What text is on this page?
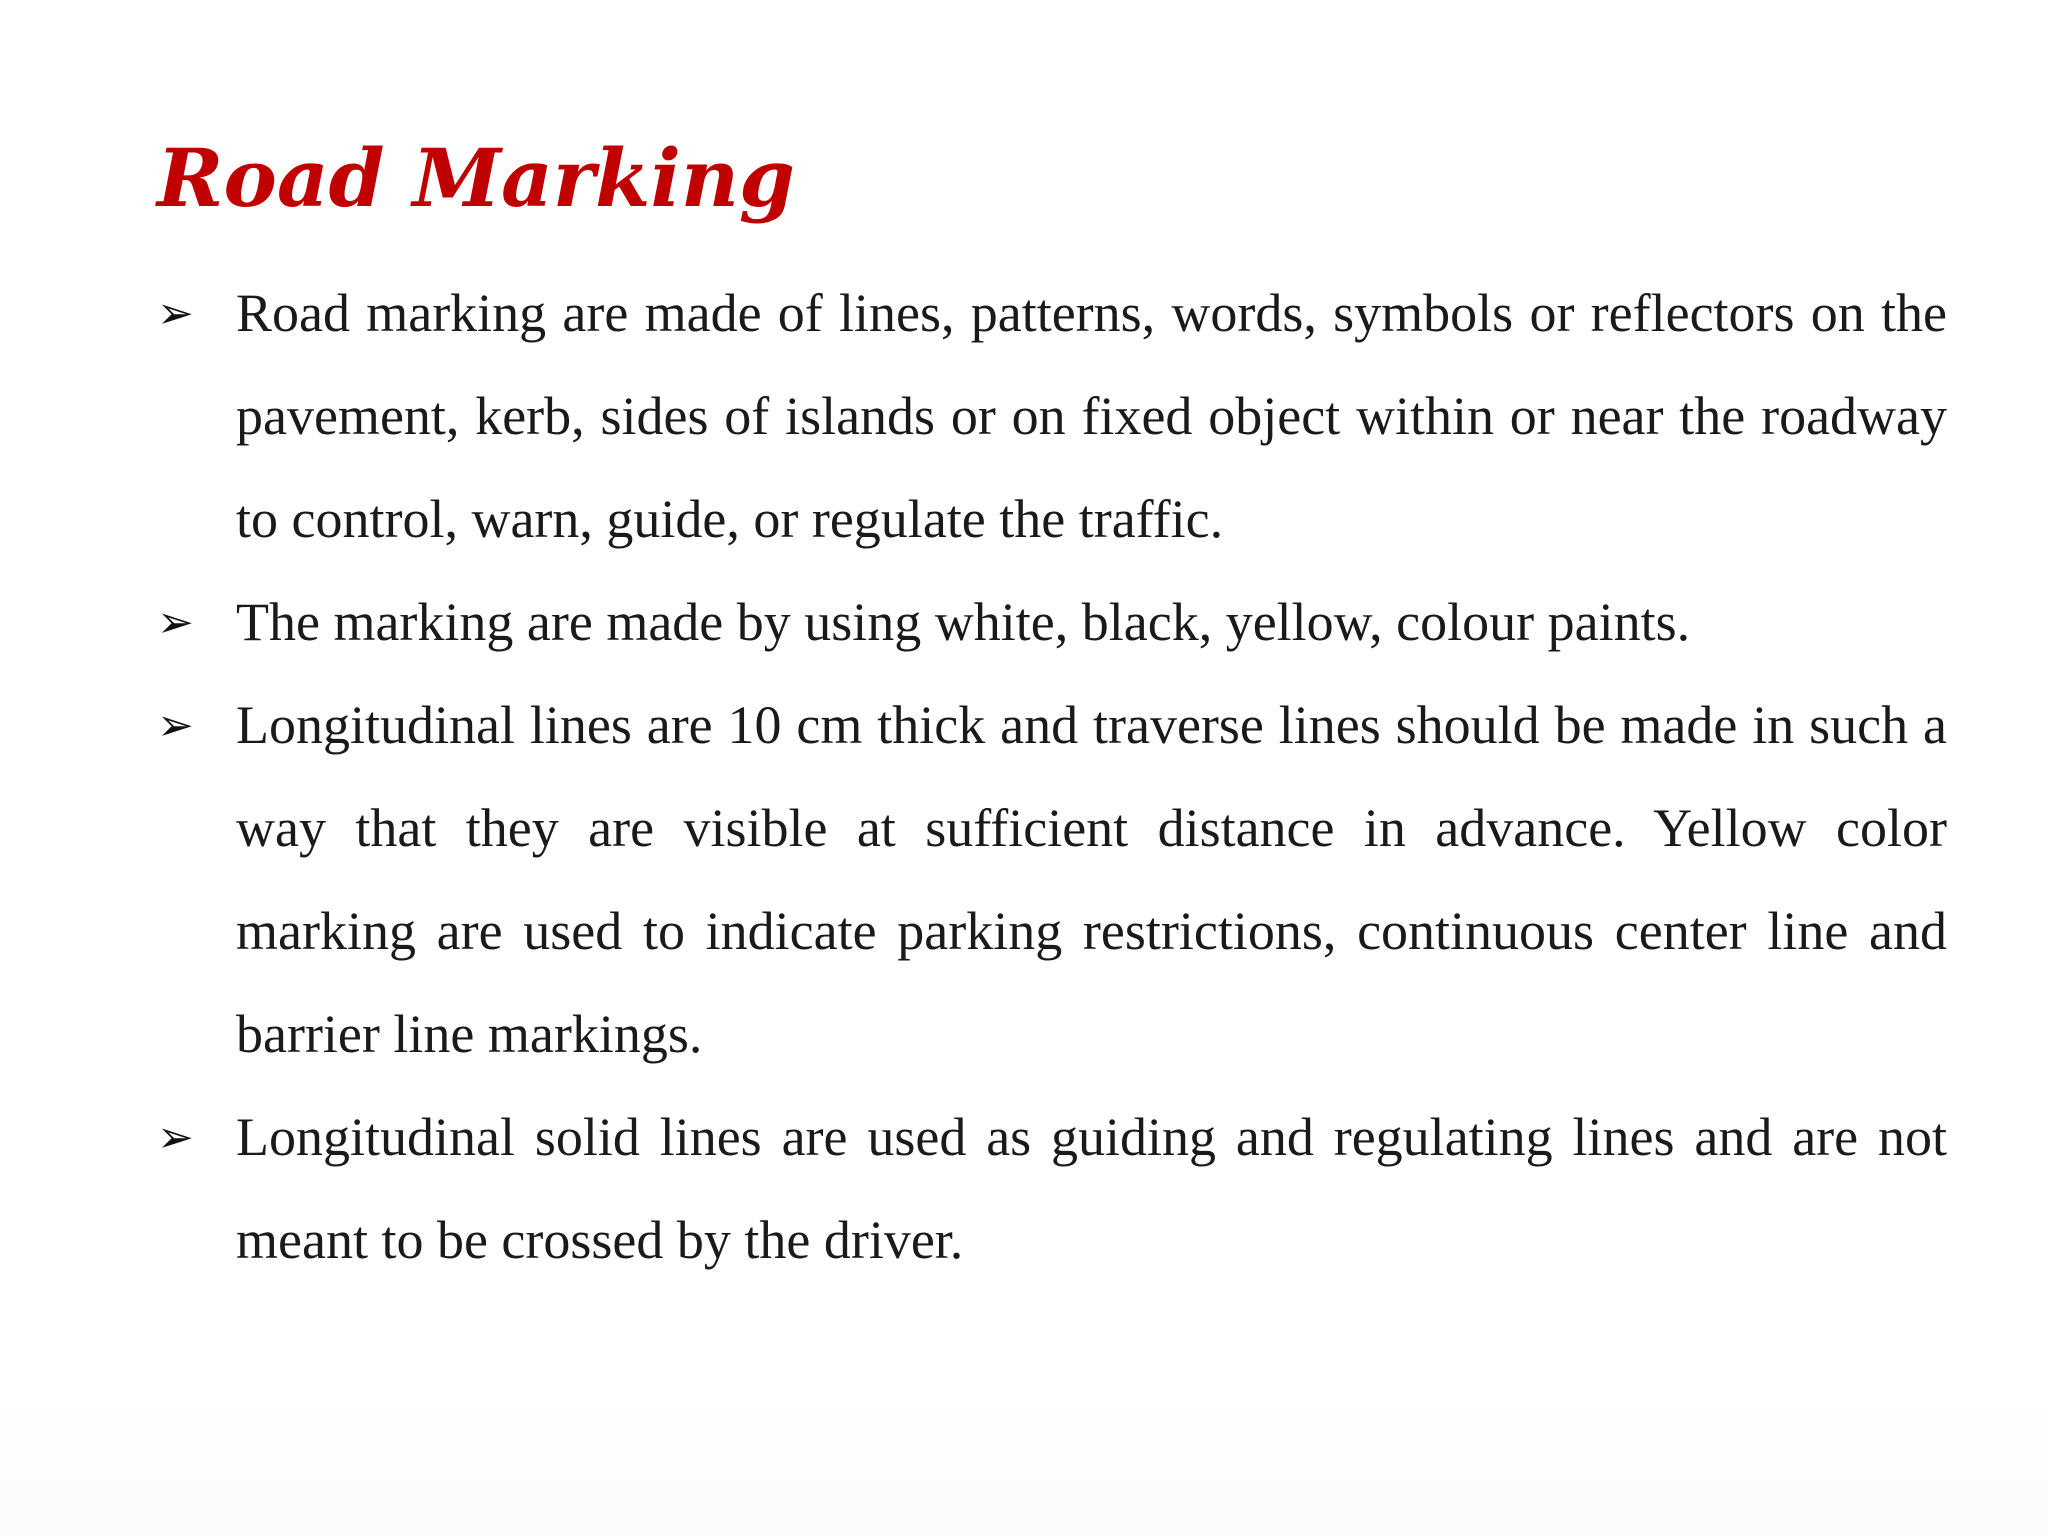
Road Marking
➢ Road marking are made of lines, patterns, words, symbols or reflectors on the pavement, kerb, sides of islands or on fixed object within or near the roadway to control, warn, guide, or regulate the traffic.
➢ The marking are made by using white, black, yellow, colour paints.
➢ Longitudinal lines are 10 cm thick and traverse lines should be made in such a way that they are visible at sufficient distance in advance. Yellow color marking are used to indicate parking restrictions, continuous center line and barrier line markings.
➢ Longitudinal solid lines are used as guiding and regulating lines and are not meant to be crossed by the driver.
